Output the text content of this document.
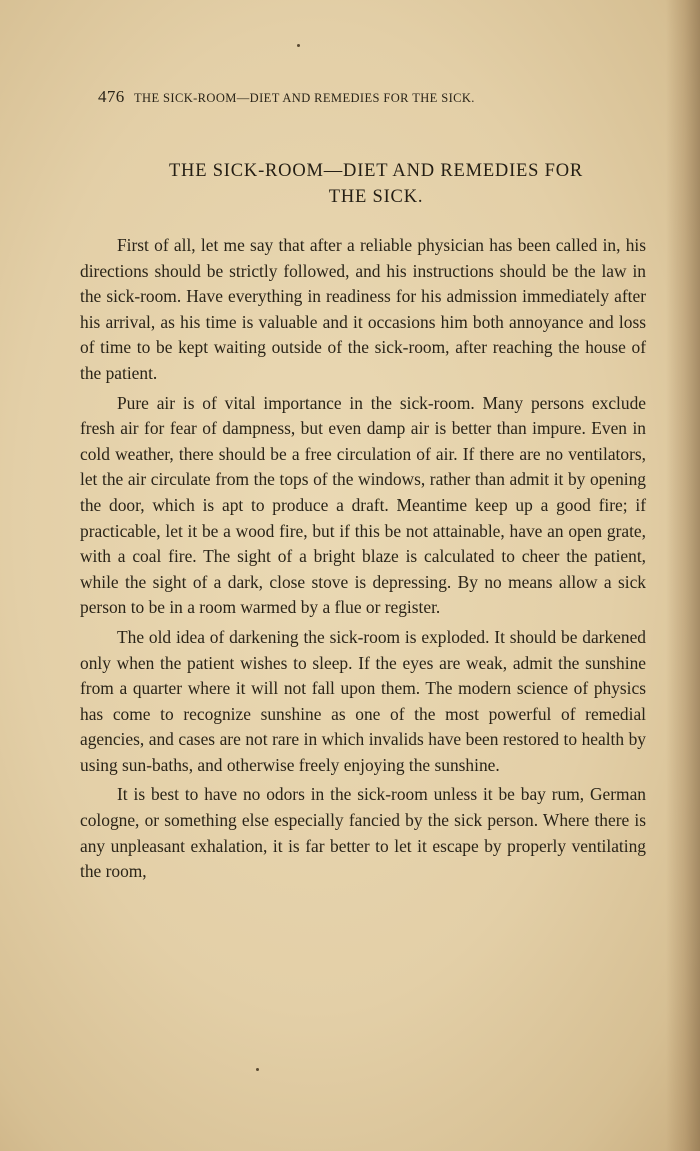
476 THE SICK-ROOM—DIET AND REMEDIES FOR THE SICK.
THE SICK-ROOM—DIET AND REMEDIES FOR
THE SICK.

First of all, let me say that after a reliable physician has been called in, his directions should be strictly followed, and his instructions should be the law in the sick-room. Have everything in readiness for his admission immediately after his arrival, as his time is valuable and it occasions him both annoyance and loss of time to be kept waiting outside of the sick-room, after reaching the house of the patient.

Pure air is of vital importance in the sick-room. Many persons exclude fresh air for fear of dampness, but even damp air is better than impure. Even in cold weather, there should be a free circulation of air. If there are no ventilators, let the air circulate from the tops of the windows, rather than admit it by opening the door, which is apt to produce a draft. Meantime keep up a good fire; if practicable, let it be a wood fire, but if this be not attainable, have an open grate, with a coal fire. The sight of a bright blaze is calculated to cheer the patient, while the sight of a dark, close stove is depressing. By no means allow a sick person to be in a room warmed by a flue or register.

The old idea of darkening the sick-room is exploded. It should be darkened only when the patient wishes to sleep. If the eyes are weak, admit the sunshine from a quarter where it will not fall upon them. The modern science of physics has come to recognize sunshine as one of the most powerful of remedial agencies, and cases are not rare in which invalids have been restored to health by using sun-baths, and otherwise freely enjoying the sunshine.

It is best to have no odors in the sick-room unless it be bay rum, German cologne, or something else especially fancied by the sick person. Where there is any unpleasant exhalation, it is far better to let it escape by properly ventilating the room,
